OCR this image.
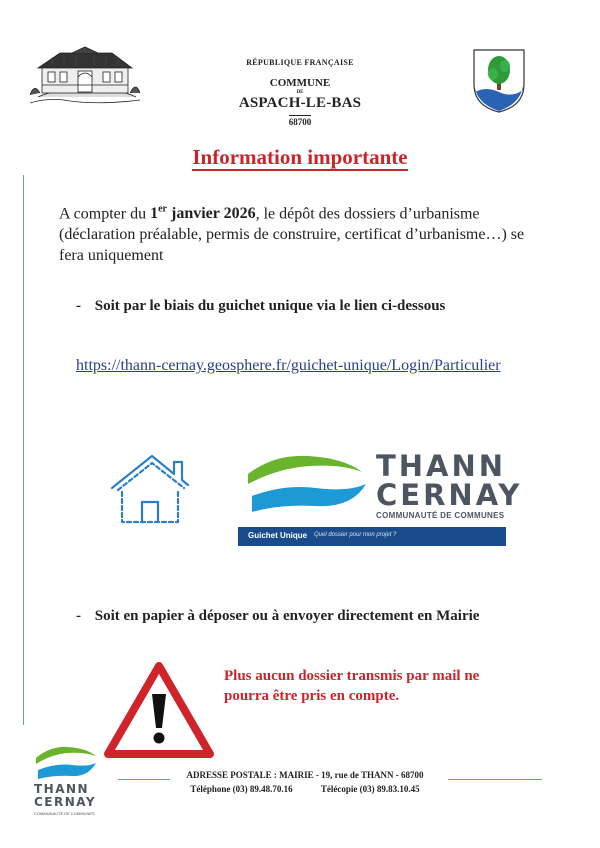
RÉPUBLIQUE FRANÇAISE
COMMUNE
DE
ASPACH-LE-BAS
68700
Information importante
A compter du 1er janvier 2026, le dépôt des dossiers d’urbanisme (déclaration préalable, permis de construire, certificat d’urbanisme…) se fera uniquement
- Soit par le biais du guichet unique via le lien ci-dessous
https://thann-cernay.geosphere.fr/guichet-unique/Login/Particulier
THANN
CERNAY
COMMUNAUTÉ DE COMMUNES
Guichet Unique Quel dossier pour mon projet ?
- Soit en papier à déposer ou à envoyer directement en Mairie
Plus aucun dossier transmis par mail ne
pourra être pris en compte.
THANN
CERNAY
COMMUNAUTÉ DE COMMUNES
ADRESSE POSTALE : MAIRIE - 19, rue de THANN - 68700
Téléphone (03) 89.48.70.16	Télécopie (03) 89.83.10.45
